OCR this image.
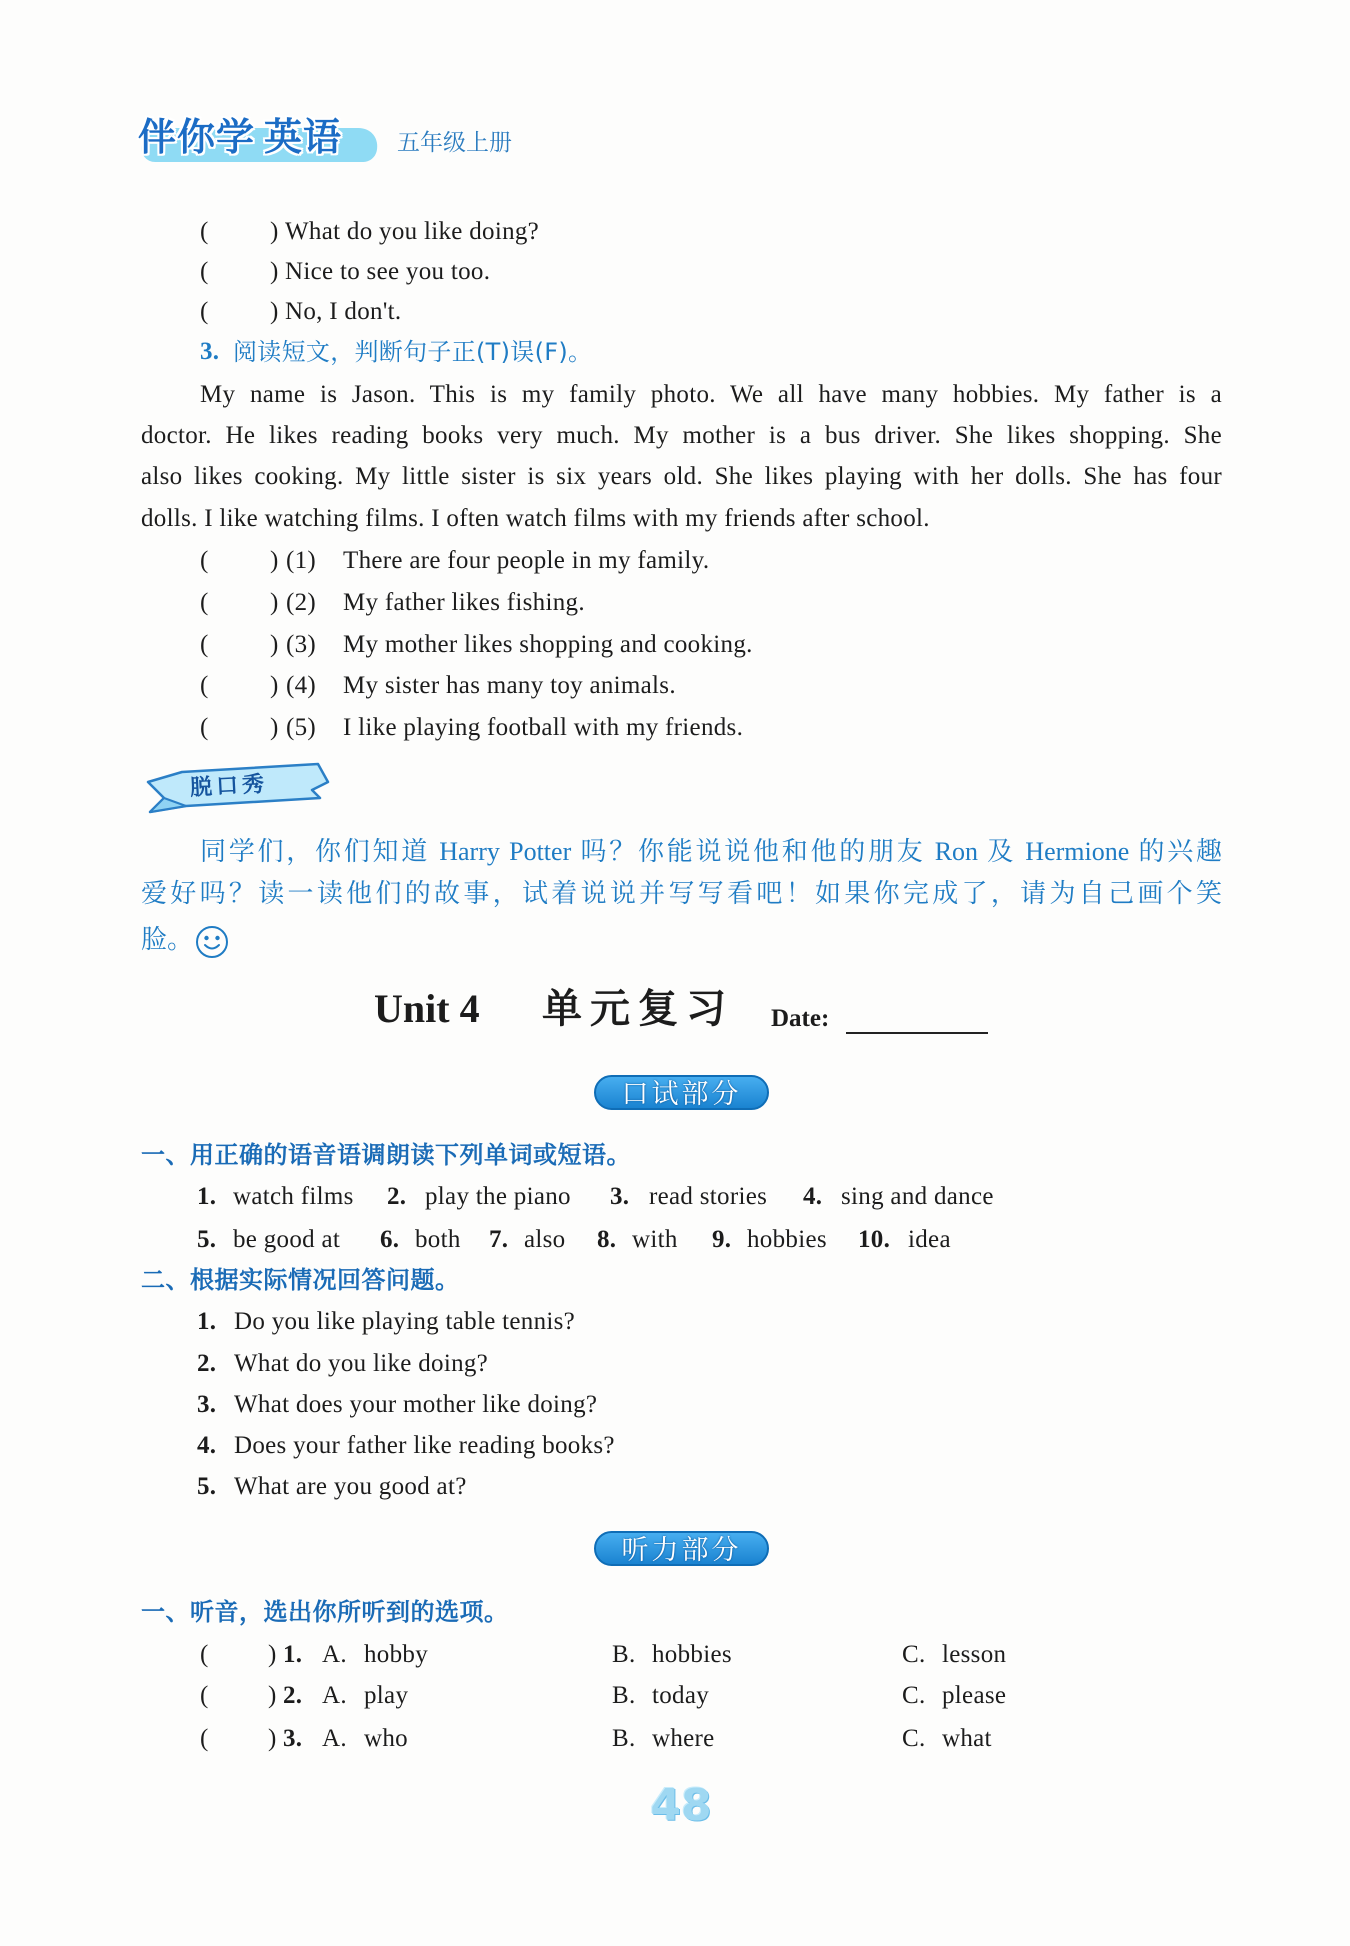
伴你学 英语 五年级上册
( ) What do you like doing?
( ) Nice to see you too.
( ) No, I don't.
3. 阅读短文，判断句子正(T)误(F)。
My name is Jason. This is my family photo. We all have many hobbies. My father is a
doctor. He likes reading books very much. My mother is a bus driver. She likes shopping. She
also likes cooking. My little sister is six years old. She likes playing with her dolls. She has four
dolls. I like watching films. I often watch films with my friends after school.
( ) (1) There are four people in my family.
( ) (2) My father likes fishing.
( ) (3) My mother likes shopping and cooking.
( ) (4) My sister has many toy animals.
( ) (5) I like playing football with my friends.
脱口秀
同学们，你们知道 Harry Potter 吗？你能说说他和他的朋友 Ron 及 Hermione 的兴趣
爱好吗？读一读他们的故事，试着说说并写写看吧！如果你完成了，请为自己画个笑
脸。
Unit 4 单元复习 Date:
口试部分
一、用正确的语音语调朗读下列单词或短语。
1. watch films 2. play the piano 3. read stories 4. sing and dance
5. be good at 6. both 7. also 8. with 9. hobbies 10. idea
二、根据实际情况回答问题。
1. Do you like playing table tennis?
2. What do you like doing?
3. What does your mother like doing?
4. Does your father like reading books?
5. What are you good at?
听力部分
一、听音，选出你所听到的选项。
( ) 1. A. hobby	B. hobbies	C. lesson
( ) 2. A. play	B. today	C. please
( ) 3. A. who	B. where	C. what
48
